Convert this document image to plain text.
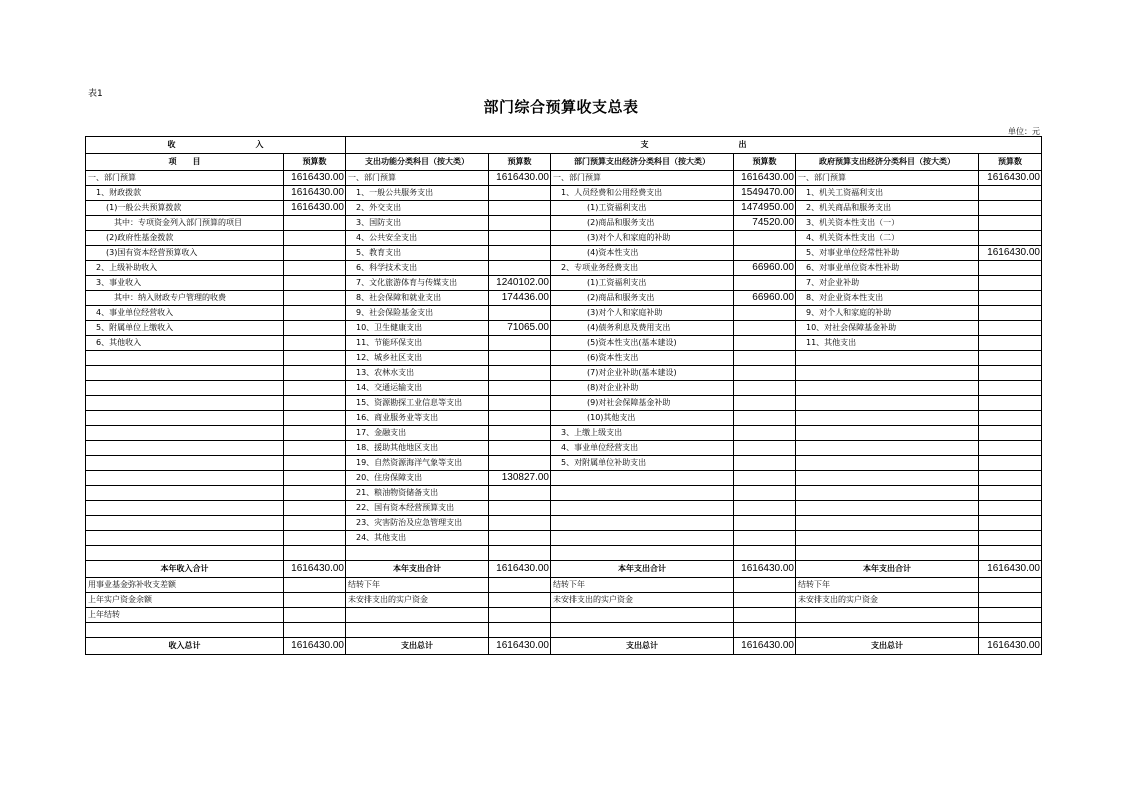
表1
部门综合预算收支总表
单位：元
收 入		支 出					
项　　目	预算数	支出功能分类科目（按大类）	预算数	部门预算支出经济分类科目（按大类）	预算数	政府预算支出经济分类科目（按大类）	预算数
一、部门预算	1616430.00	一、部门预算	1616430.00	一、部门预算	1616430.00	一、部门预算	1616430.00
1、财政拨款	1616430.00	1、一般公共服务支出		1、人员经费和公用经费支出	1549470.00	1、机关工资福利支出	
(1)一般公共预算拨款	1616430.00	2、外交支出		(1)工资福利支出	1474950.00	2、机关商品和服务支出	
其中：专项资金列入部门预算的项目		3、国防支出		(2)商品和服务支出	74520.00	3、机关资本性支出（一）	
(2)政府性基金拨款		4、公共安全支出		(3)对个人和家庭的补助		4、机关资本性支出（二）	
(3)国有资本经营预算收入		5、教育支出		(4)资本性支出		5、对事业单位经常性补助	1616430.00
2、上级补助收入		6、科学技术支出		2、专项业务经费支出	66960.00	6、对事业单位资本性补助	
3、事业收入		7、文化旅游体育与传媒支出	1240102.00	(1)工资福利支出		7、对企业补助	
其中：纳入财政专户管理的收费		8、社会保障和就业支出	174436.00	(2)商品和服务支出	66960.00	8、对企业资本性支出	
4、事业单位经营收入		9、社会保险基金支出		(3)对个人和家庭补助		9、对个人和家庭的补助	
5、附属单位上缴收入		10、卫生健康支出	71065.00	(4)债务利息及费用支出		10、对社会保障基金补助	
6、其他收入		11、节能环保支出		(5)资本性支出(基本建设)		11、其他支出	
		12、城乡社区支出		(6)资本性支出			
		13、农林水支出		(7)对企业补助(基本建设)			
		14、交通运输支出		(8)对企业补助			
		15、资源勘探工业信息等支出		(9)对社会保障基金补助			
		16、商业服务业等支出		(10)其他支出			
		17、金融支出		3、上缴上级支出			
		18、援助其他地区支出		4、事业单位经营支出			
		19、自然资源海洋气象等支出		5、对附属单位补助支出			
		20、住房保障支出	130827.00				
		21、粮油物资储备支出					
		22、国有资本经营预算支出					
		23、灾害防治及应急管理支出					
		24、其他支出					

本年收入合计	1616430.00	本年支出合计	1616430.00	本年支出合计	1616430.00	本年支出合计	1616430.00
用事业基金弥补收支差额		结转下年		结转下年		结转下年	
上年实户资金余额		未安排支出的实户资金		未安排支出的实户资金		未安排支出的实户资金	
上年结转							

收入总计	1616430.00	支出总计	1616430.00	支出总计	1616430.00	支出总计	1616430.00
